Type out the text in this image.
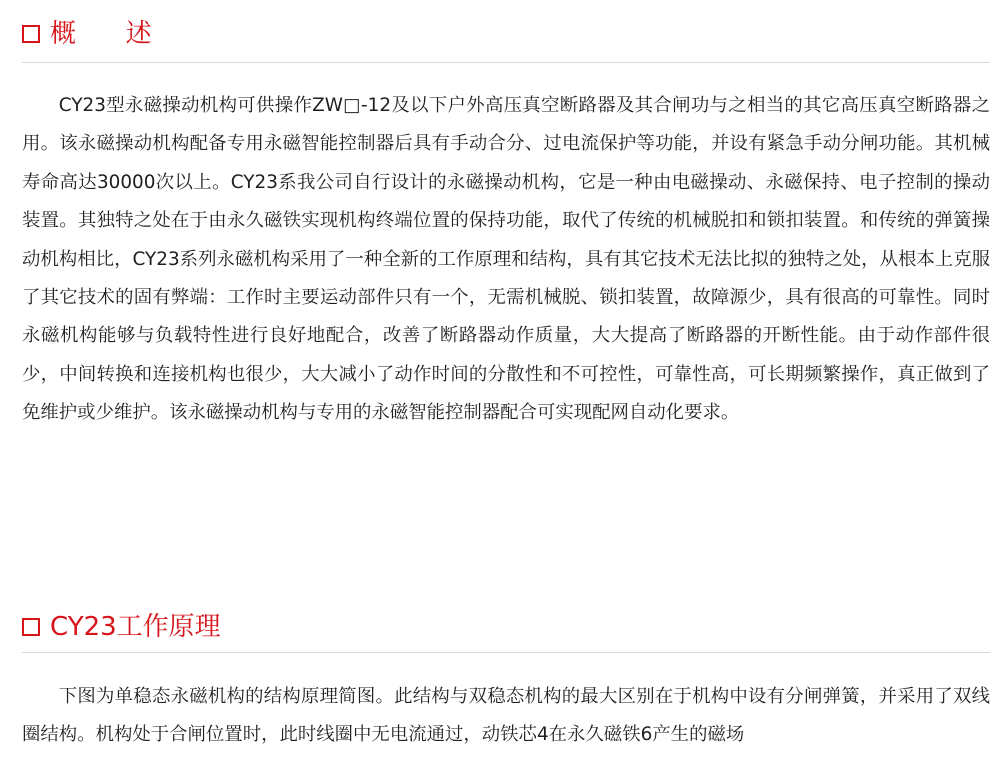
概      述

CY23型永磁操动机构可供操作ZW□-12及以下户外高压真空断路器及其合闸功与之相当的其它高压真空断路器之用。该永磁操动机构配备专用永磁智能控制器后具有手动合分、过电流保护等功能，并设有紧急手动分闸功能。其机械寿命高达30000次以上。CY23系我公司自行设计的永磁操动机构，它是一种由电磁操动、永磁保持、电子控制的操动装置。其独特之处在于由永久磁铁实现机构终端位置的保持功能，取代了传统的机械脱扣和锁扣装置。和传统的弹簧操动机构相比，CY23系列永磁机构采用了一种全新的工作原理和结构，具有其它技术无法比拟的独特之处，从根本上克服了其它技术的固有弊端：工作时主要运动部件只有一个，无需机械脱、锁扣装置，故障源少，具有很高的可靠性。同时永磁机构能够与负载特性进行良好地配合，改善了断路器动作质量，大大提高了断路器的开断性能。由于动作部件很少，中间转换和连接机构也很少，大大减小了动作时间的分散性和不可控性，可靠性高，可长期频繁操作，真正做到了免维护或少维护。该永磁操动机构与专用的永磁智能控制器配合可实现配网自动化要求。

CY23工作原理

下图为单稳态永磁机构的结构原理简图。此结构与双稳态机构的最大区别在于机构中设有分闸弹簧，并采用了双线圈结构。机构处于合闸位置时，此时线圈中无电流通过，动铁芯4在永久磁铁6产生的磁场
